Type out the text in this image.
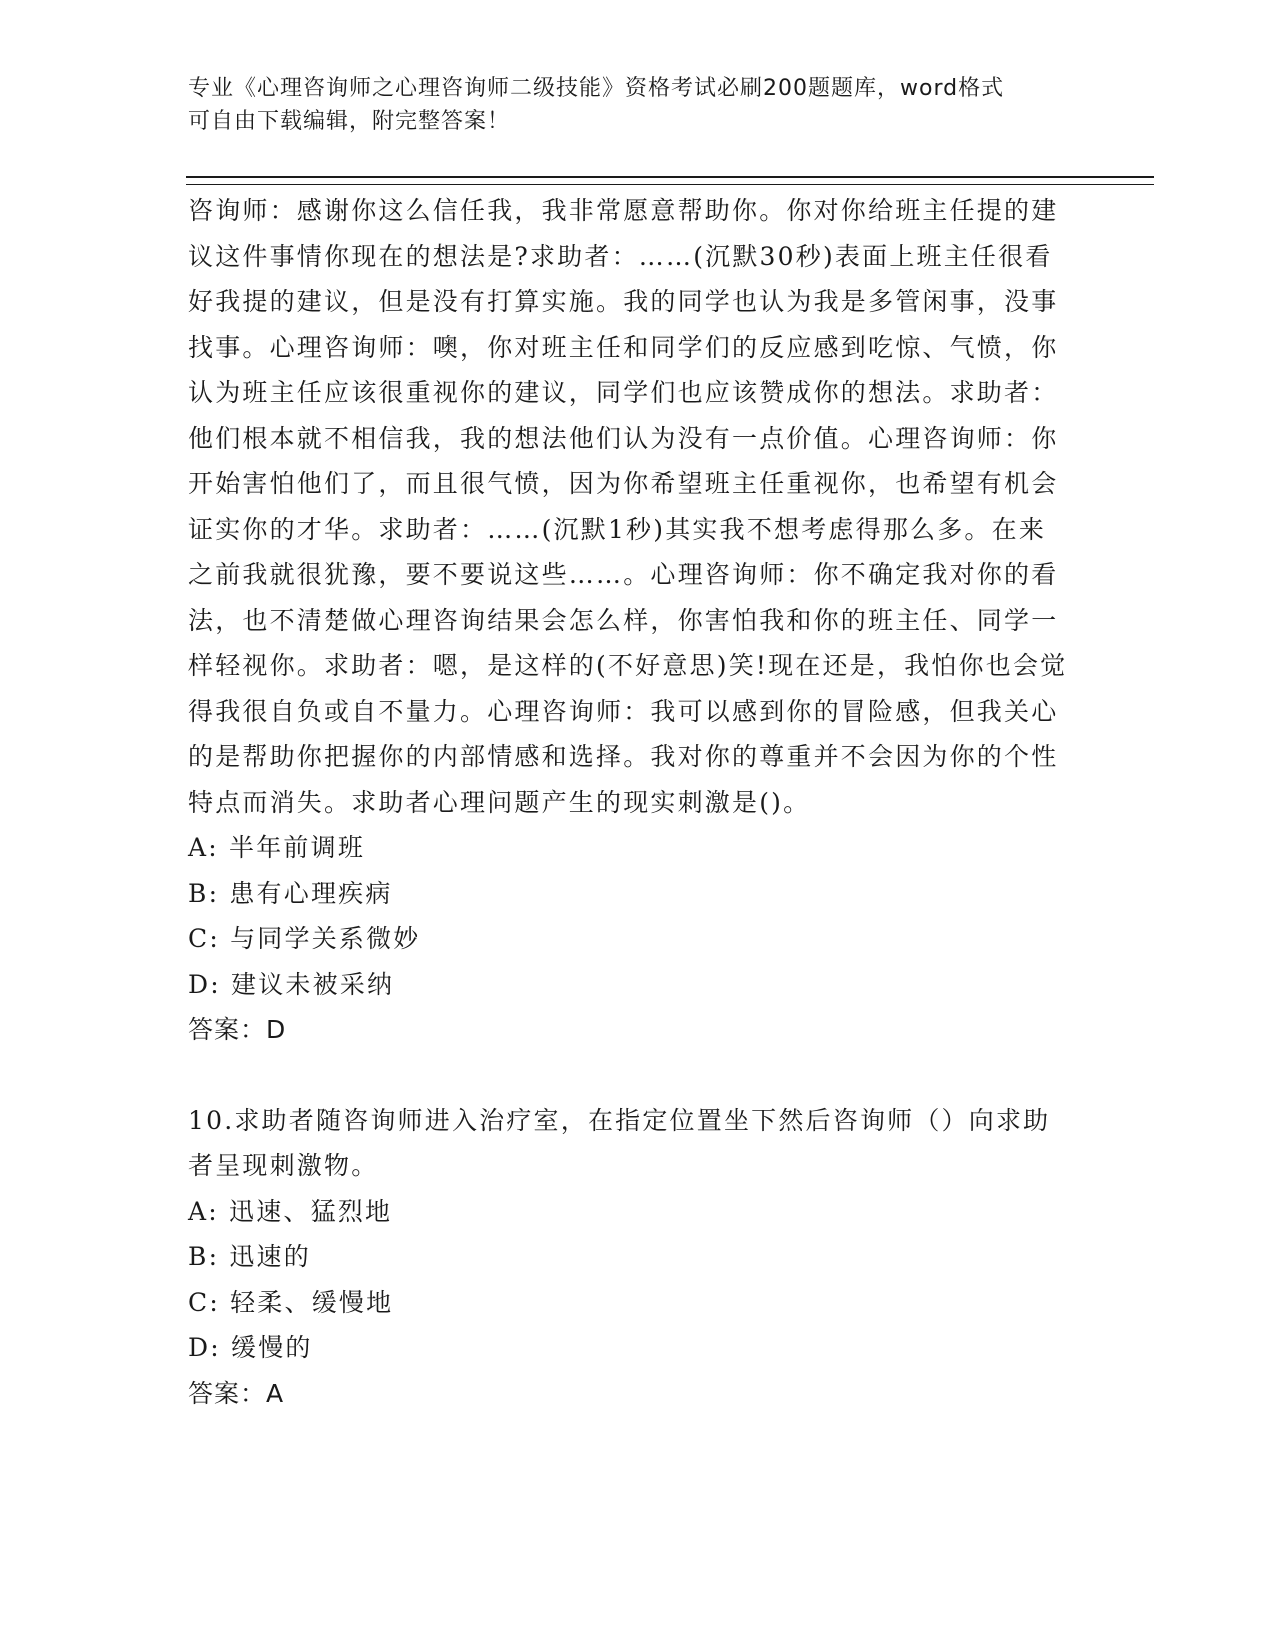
专业《心理咨询师之心理咨询师二级技能》资格考试必刷200题题库，word格式
可自由下载编辑，附完整答案！

咨询师：感谢你这么信任我，我非常愿意帮助你。你对你给班主任提的建议这件事情你现在的想法是?求助者：……(沉默30秒)表面上班主任很看好我提的建议，但是没有打算实施。我的同学也认为我是多管闲事，没事找事。心理咨询师：噢，你对班主任和同学们的反应感到吃惊、气愤，你认为班主任应该很重视你的建议，同学们也应该赞成你的想法。求助者：他们根本就不相信我，我的想法他们认为没有一点价值。心理咨询师：你开始害怕他们了，而且很气愤，因为你希望班主任重视你，也希望有机会证实你的才华。求助者：……(沉默1秒)其实我不想考虑得那么多。在来之前我就很犹豫，要不要说这些……。心理咨询师：你不确定我对你的看法，也不清楚做心理咨询结果会怎么样，你害怕我和你的班主任、同学一样轻视你。求助者：嗯，是这样的(不好意思)笑!现在还是，我怕你也会觉得我很自负或自不量力。心理咨询师：我可以感到你的冒险感，但我关心的是帮助你把握你的内部情感和选择。我对你的尊重并不会因为你的个性特点而消失。求助者心理问题产生的现实刺激是()。

A: 半年前调班

B: 患有心理疾病

C: 与同学关系微妙

D: 建议未被采纳

答案：D

10.求助者随咨询师进入治疗室，在指定位置坐下然后咨询师（）向求助者呈现刺激物。

A: 迅速、猛烈地

B: 迅速的

C: 轻柔、缓慢地

D: 缓慢的

答案：A
